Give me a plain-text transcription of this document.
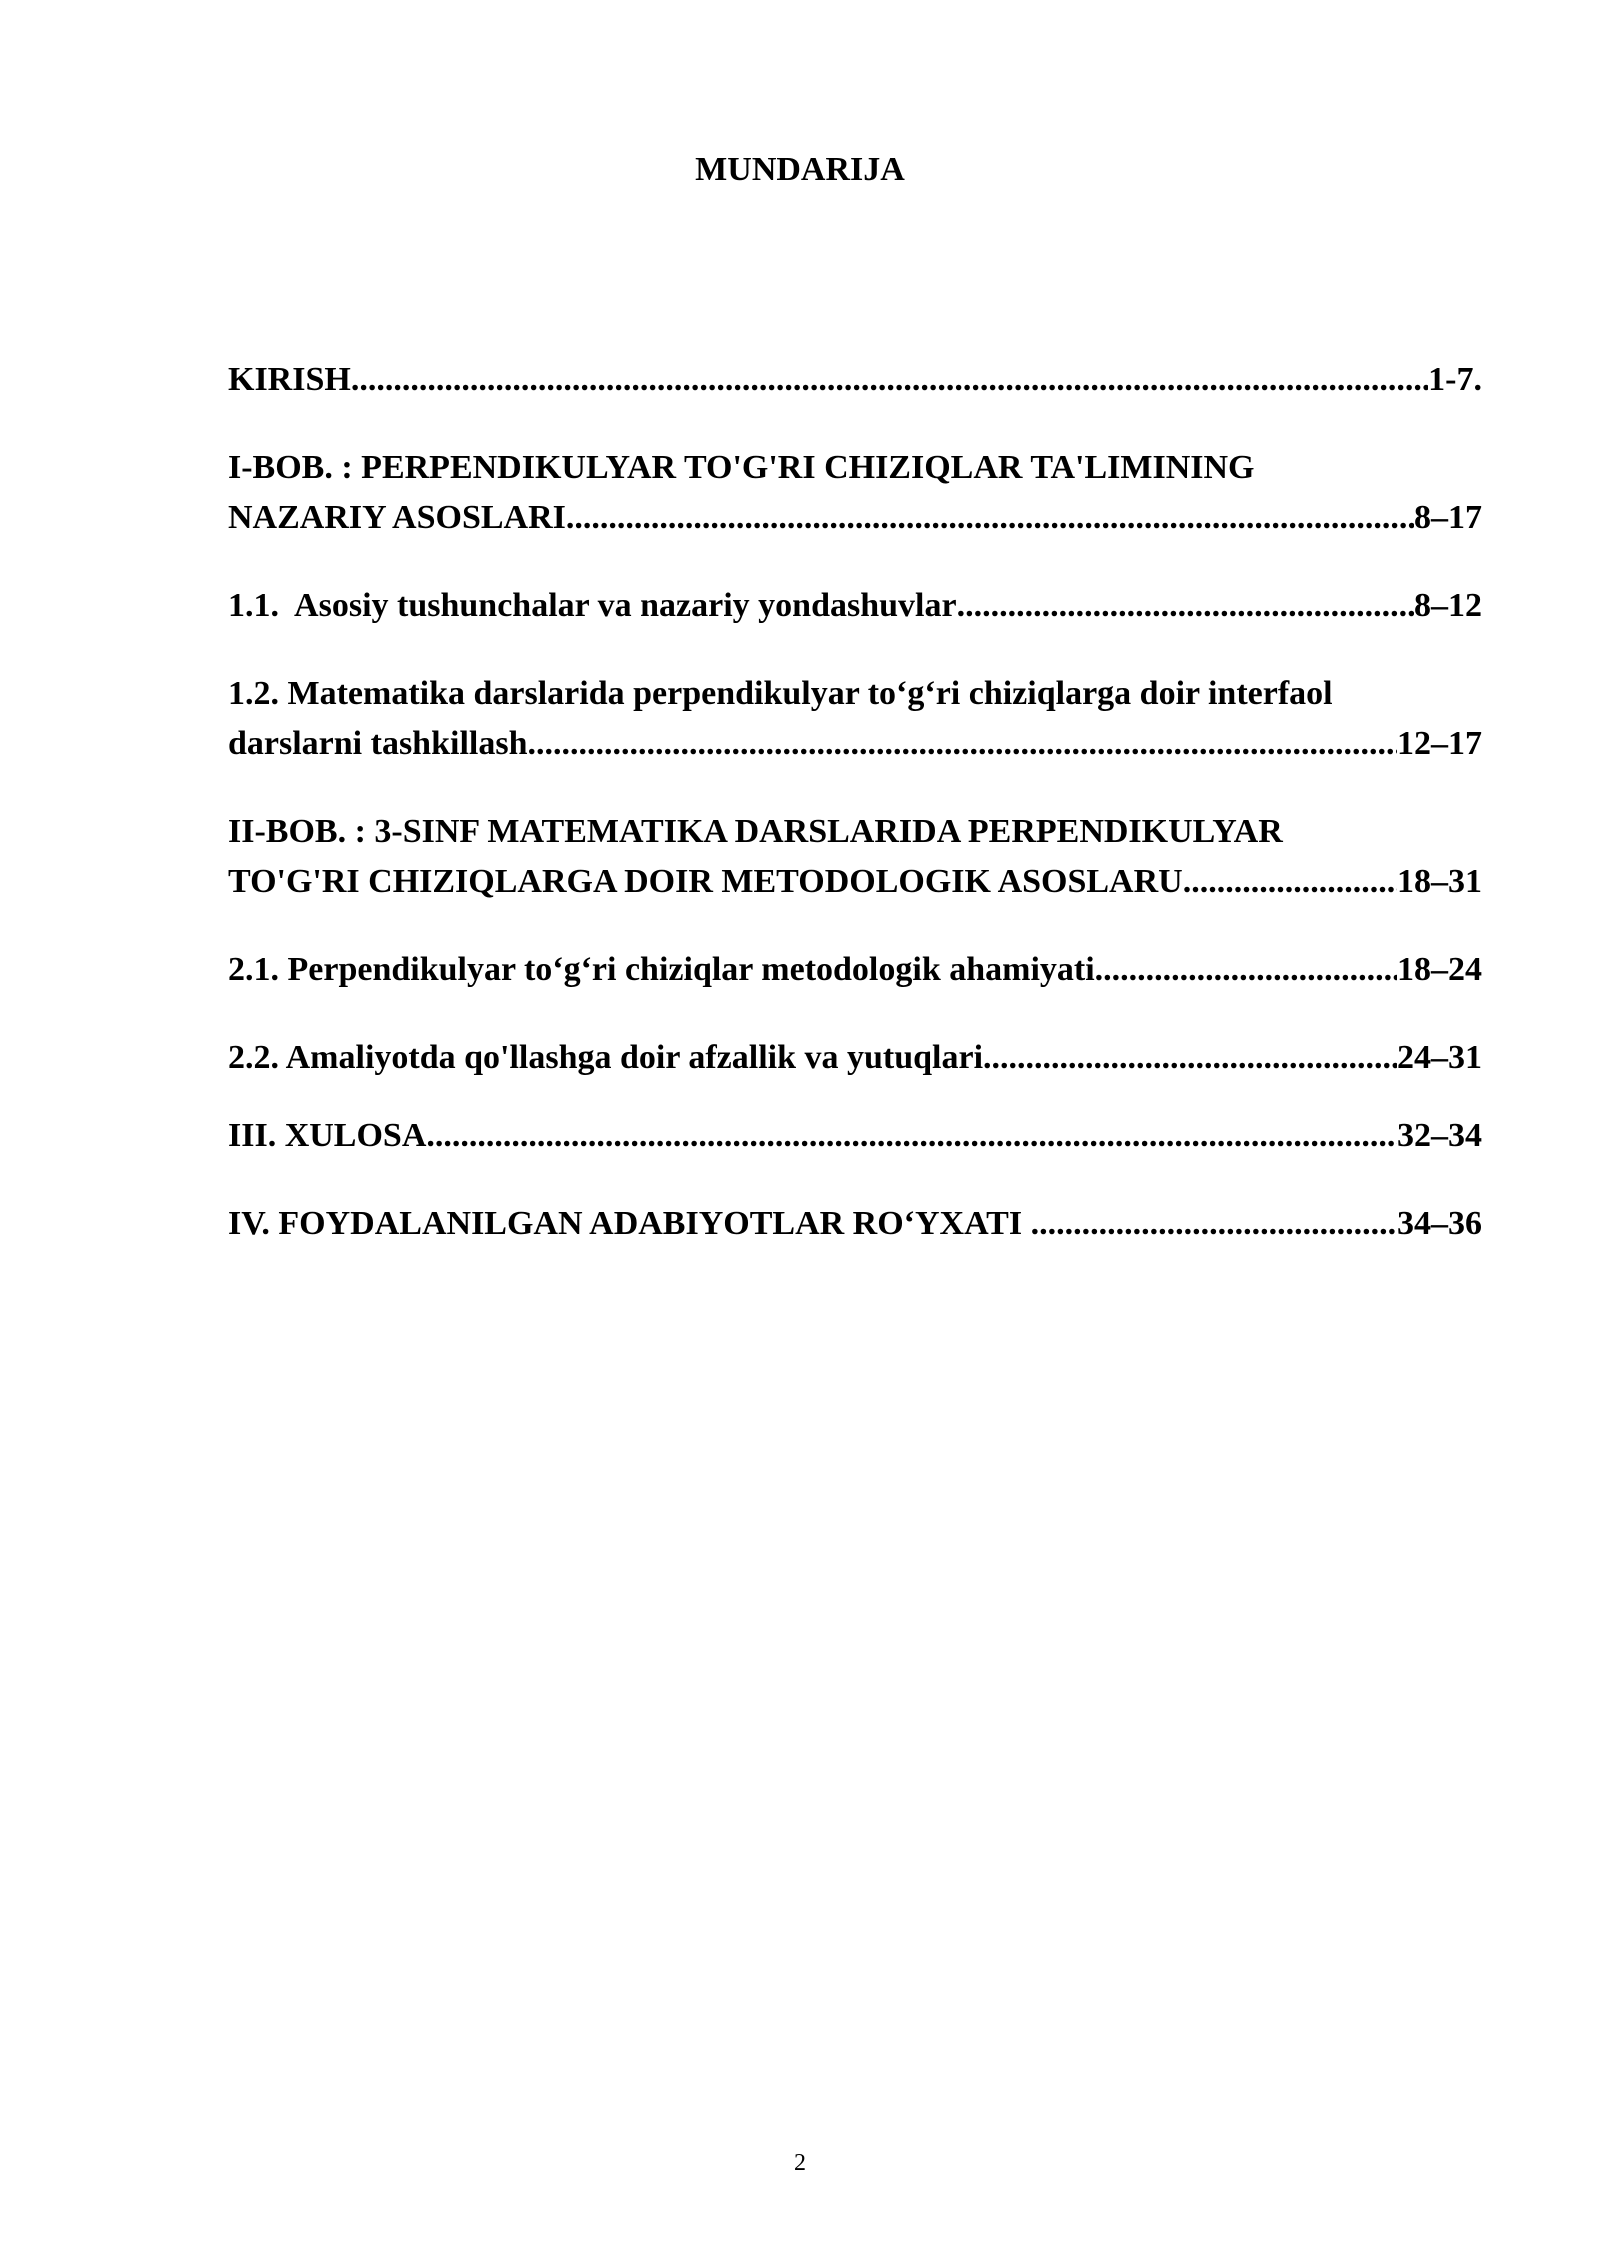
MUNDARIJA
KIRISH .....	1-7.
I-BOB. : PERPENDIKULYAR TO'G'RI CHIZIQLAR TA'LIMINING
NAZARIY ASOSLARI .....	8–17
1.1. Asosiy tushunchalar va nazariy yondashuvlar .....	8–12
1.2. Matematika darslarida perpendikulyar to‘g‘ri chiziqlarga doir interfaol
darslarni tashkillash .....	12–17
II-BOB. : 3-SINF MATEMATIKA DARSLARIDA PERPENDIKULYAR
TO'G'RI CHIZIQLARGA DOIR METODOLOGIK ASOSLARU .....	18–31
2.1. Perpendikulyar to‘g‘ri chiziqlar metodologik ahamiyati .....	18–24
2.2. Amaliyotda qo'llashga doir afzallik va yutuqlari .....	24–31
III. XULOSA .....	32–34
IV. FOYDALANILGAN ADABIYOTLAR RO‘YXATI .....	34–36
2
